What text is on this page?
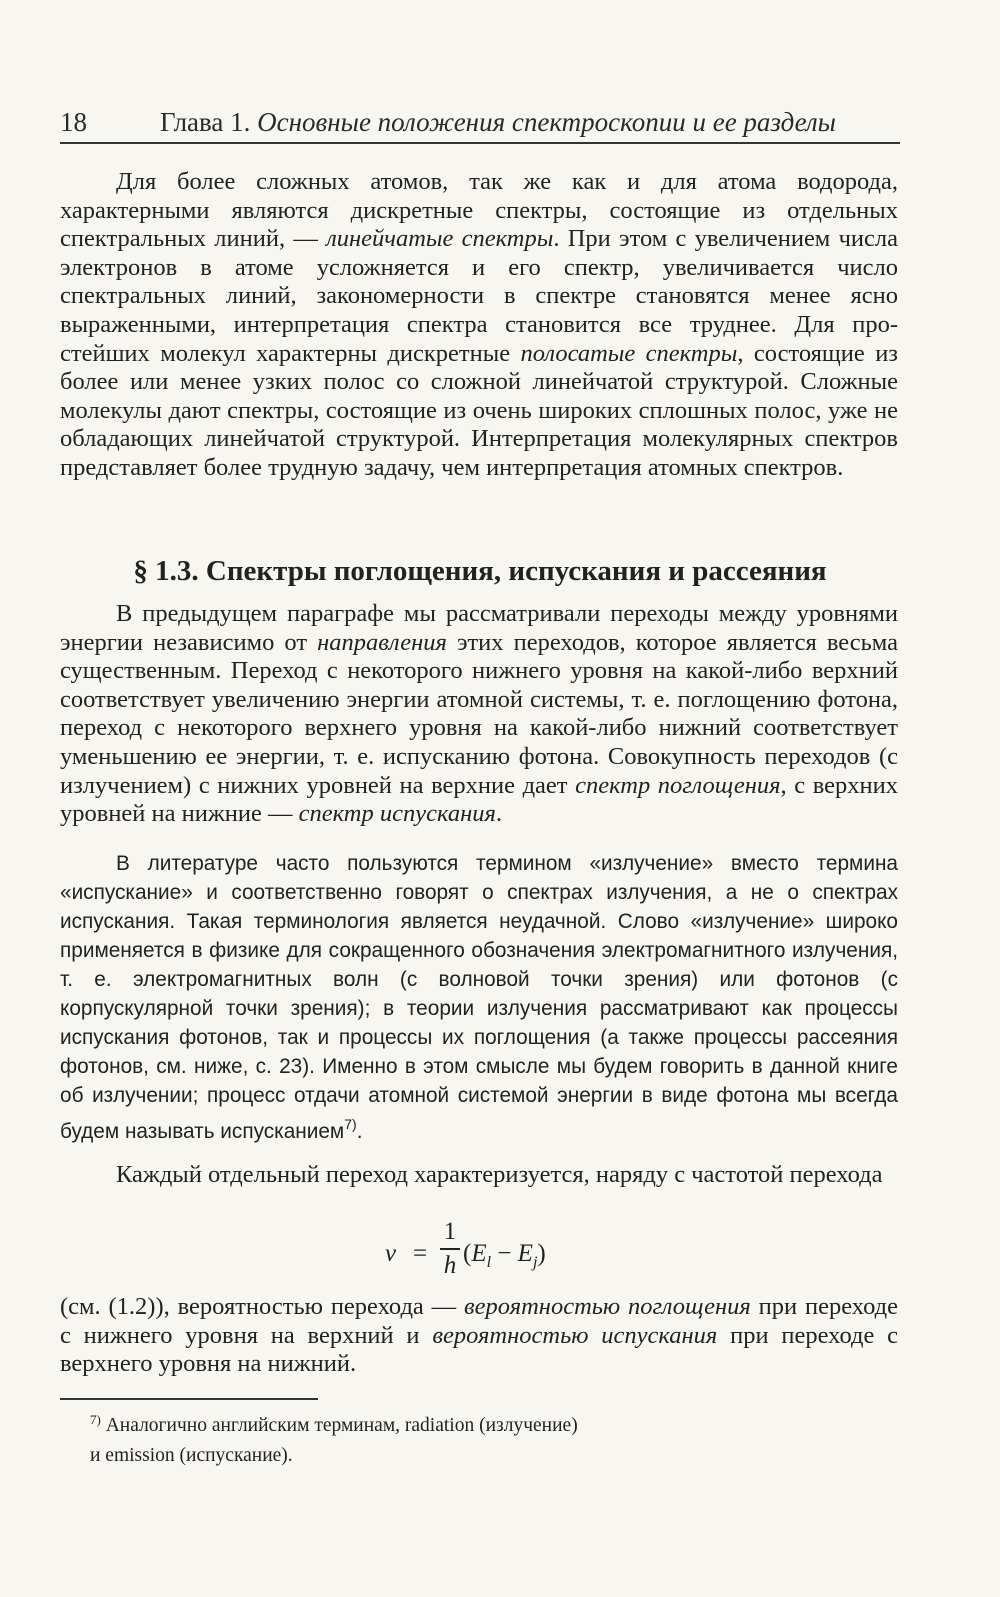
18	Глава 1. Основные положения спектроскопии и ее разделы

Для более сложных атомов, так же как и для атома водорода, характерными являются дискретные спектры, состоящие из отдельных спектральных линий, — линейчатые спектры. При этом с увеличением числа электронов в атоме усложняется и его спектр, увеличивается число спектральных линий, закономерности в спектре становятся менее ясно выраженными, интерпретация спектра становится все труднее. Для простейших молекул характерны дискретные полосатые спектры, состоящие из более или менее узких полос со сложной линейчатой структурой. Сложные молекулы дают спектры, состоящие из очень широких сплошных полос, уже не обладающих линейчатой структурой. Интерпретация молекулярных спектров представляет более трудную задачу, чем интерпретация атомных спектров.

§ 1.3. Спектры поглощения, испускания и рассеяния

В предыдущем параграфе мы рассматривали переходы между уровнями энергии независимо от направления этих переходов, которое является весьма существенным. Переход с некоторого нижнего уровня на какой-либо верхний соответствует увеличению энергии атомной системы, т. е. поглощению фотона, переход с некоторого верхнего уровня на какой-либо нижний соответствует уменьшению ее энергии, т. е. испусканию фотона. Совокупность переходов (с излучением) с нижних уровней на верхние дает спектр поглощения, с верхних уровней на нижние — спектр испускания.

В литературе часто пользуются термином «излучение» вместо термина «испускание» и соответственно говорят о спектрах излучения, а не о спектрах испускания. Такая терминология является неудачной. Слово «излучение» широко применяется в физике для сокращенного обозначения электромагнитного излучения, т. е. электромагнитных волн (с волновой точки зрения) или фотонов (с корпускулярной точки зрения); в теории излучения рассматривают как процессы испускания фотонов, так и процессы их поглощения (а также процессы рассеяния фотонов, см. ниже, с. 23). Именно в этом смысле мы будем говорить в данной книге об излучении; процесс отдачи атомной системой энергии в виде фотона мы всегда будем называть испусканием$^{7)}$.

Каждый отдельный переход характеризуется, наряду с частотой перехода

ν =
1
h $(E_l - E_j)$

(см. (1.2)), вероятностью перехода — вероятностью поглощения при переходе с нижнего уровня на верхний и вероятностью испускания при переходе с верхнего уровня на нижний.

$^{7)}$ Аналогично английским терминам, radiation (излучение)
и emission (испускание).
